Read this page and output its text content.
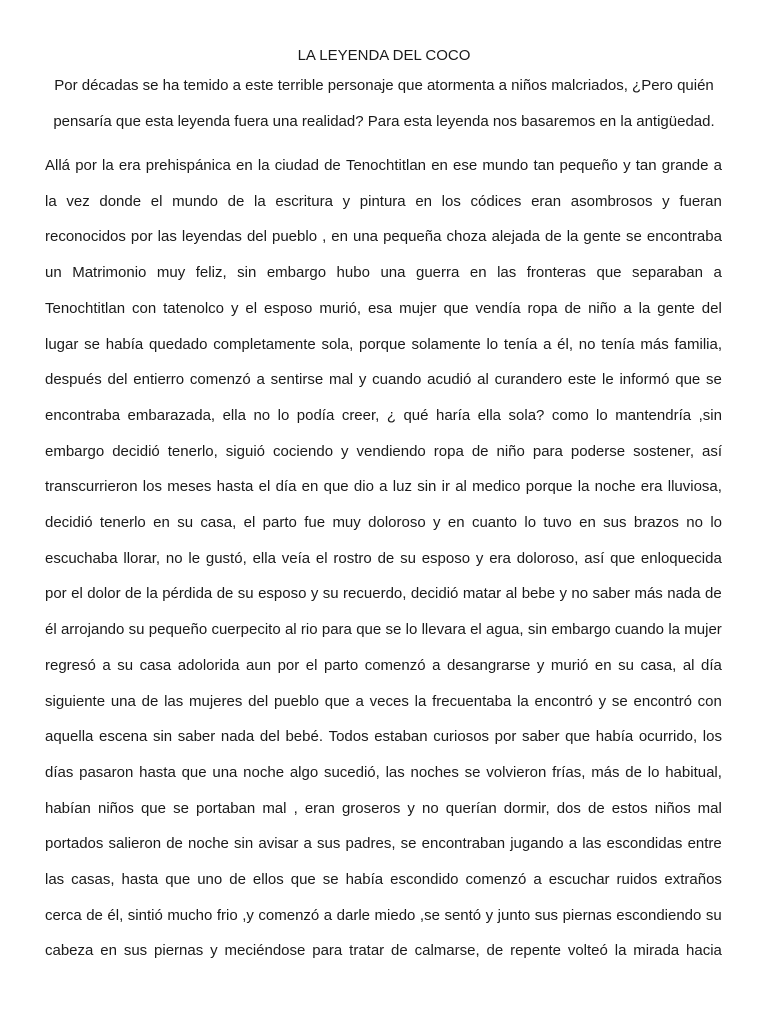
LA LEYENDA DEL COCO
Por décadas se ha temido a este terrible personaje que atormenta a niños malcriados, ¿Pero quién
pensaría que esta leyenda fuera una realidad? Para esta leyenda nos basaremos en la antigüedad.
Allá por la era prehispánica en la ciudad de Tenochtitlan en ese mundo tan pequeño y tan grande a
la vez donde el mundo de la escritura y pintura en los códices eran asombrosos y fueran
reconocidos por las leyendas del pueblo , en una pequeña choza alejada de la gente se encontraba
un Matrimonio muy feliz, sin embargo hubo una guerra en las fronteras que separaban a
Tenochtitlan con tatenolco y el esposo murió, esa mujer que vendía ropa de niño a la gente del
lugar se había quedado completamente sola, porque solamente lo tenía a él, no tenía más familia,
después del entierro comenzó a sentirse mal y cuando acudió al curandero este le informó que se
encontraba embarazada, ella no lo podía creer, ¿ qué haría ella sola? como lo mantendría ,sin
embargo decidió tenerlo, siguió cociendo y vendiendo ropa de niño para poderse sostener, así
transcurrieron los meses hasta el día en que dio a luz sin ir al medico porque la noche era lluviosa,
decidió tenerlo en su casa, el parto fue muy doloroso y en cuanto lo tuvo en sus brazos no lo
escuchaba llorar, no le gustó, ella veía el rostro de su esposo y era doloroso, así que enloquecida
por el dolor de la pérdida de su esposo y su recuerdo, decidió matar al bebe y no saber más nada de
él arrojando su pequeño cuerpecito al rio para que se lo llevara el agua, sin embargo cuando la mujer
regresó a su casa adolorida aun por el parto comenzó a desangrarse y murió en su casa, al día
siguiente una de las mujeres del pueblo que a veces la frecuentaba la encontró y se encontró con
aquella escena sin saber nada del bebé. Todos estaban curiosos por saber que había ocurrido, los
días pasaron hasta que una noche algo sucedió, las noches se volvieron frías, más de lo habitual,
habían niños que se portaban mal , eran groseros y no querían dormir, dos de estos niños mal
portados salieron de noche sin avisar a sus padres, se encontraban jugando a las escondidas entre
las casas, hasta que uno de ellos que se había escondido comenzó a escuchar ruidos extraños
cerca de él, sintió mucho frio ,y comenzó a darle miedo ,se sentó y junto sus piernas escondiendo su
cabeza en sus piernas y meciéndose para tratar de calmarse, de repente volteó la mirada hacia
